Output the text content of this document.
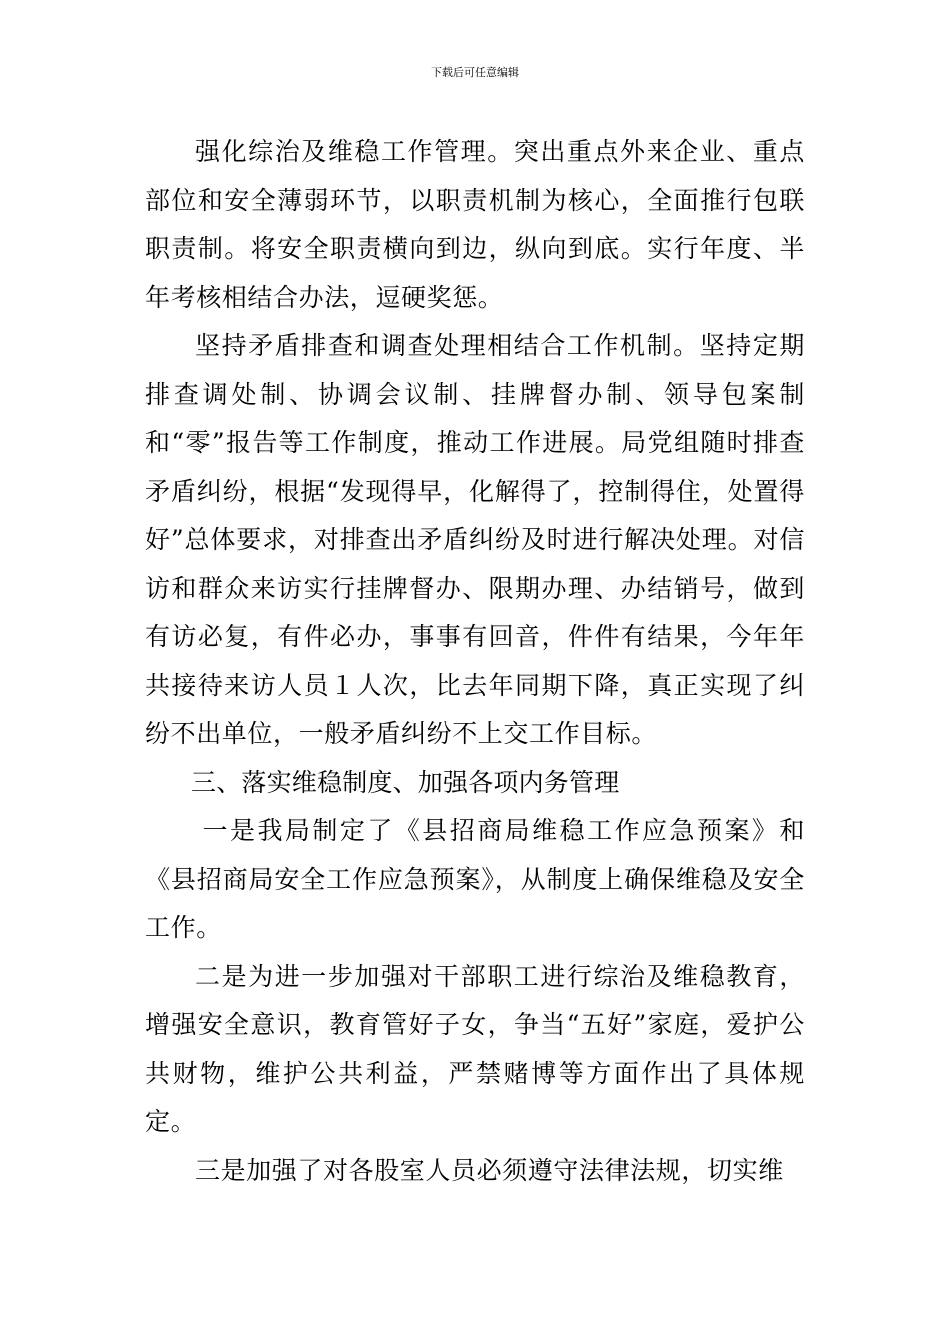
下载后可任意编辑

强化综治及维稳工作管理。突出重点外来企业、重点部位和安全薄弱环节，以职责机制为核心，全面推行包联职责制。将安全职责横向到边，纵向到底。实行年度、半年考核相结合办法，逗硬奖惩。

坚持矛盾排查和调查处理相结合工作机制。坚持定期排查调处制、协调会议制、挂牌督办制、领导包案制和“零”报告等工作制度，推动工作进展。局党组随时排查矛盾纠纷，根据“发现得早，化解得了，控制得住，处置得好”总体要求，对排查出矛盾纠纷及时进行解决处理。对信访和群众来访实行挂牌督办、限期办理、办结销号，做到有访必复，有件必办，事事有回音，件件有结果，今年年共接待来访人员１人次，比去年同期下降，真正实现了纠纷不出单位，一般矛盾纠纷不上交工作目标。

三、落实维稳制度、加强各项内务管理

一是我局制定了《县招商局维稳工作应急预案》和《县招商局安全工作应急预案》，从制度上确保维稳及安全工作。

二是为进一步加强对干部职工进行综治及维稳教育，增强安全意识，教育管好子女，争当“五好”家庭，爱护公共财物，维护公共利益，严禁赌博等方面作出了具体规定。

三是加强了对各股室人员必须遵守法律法规，切实维
